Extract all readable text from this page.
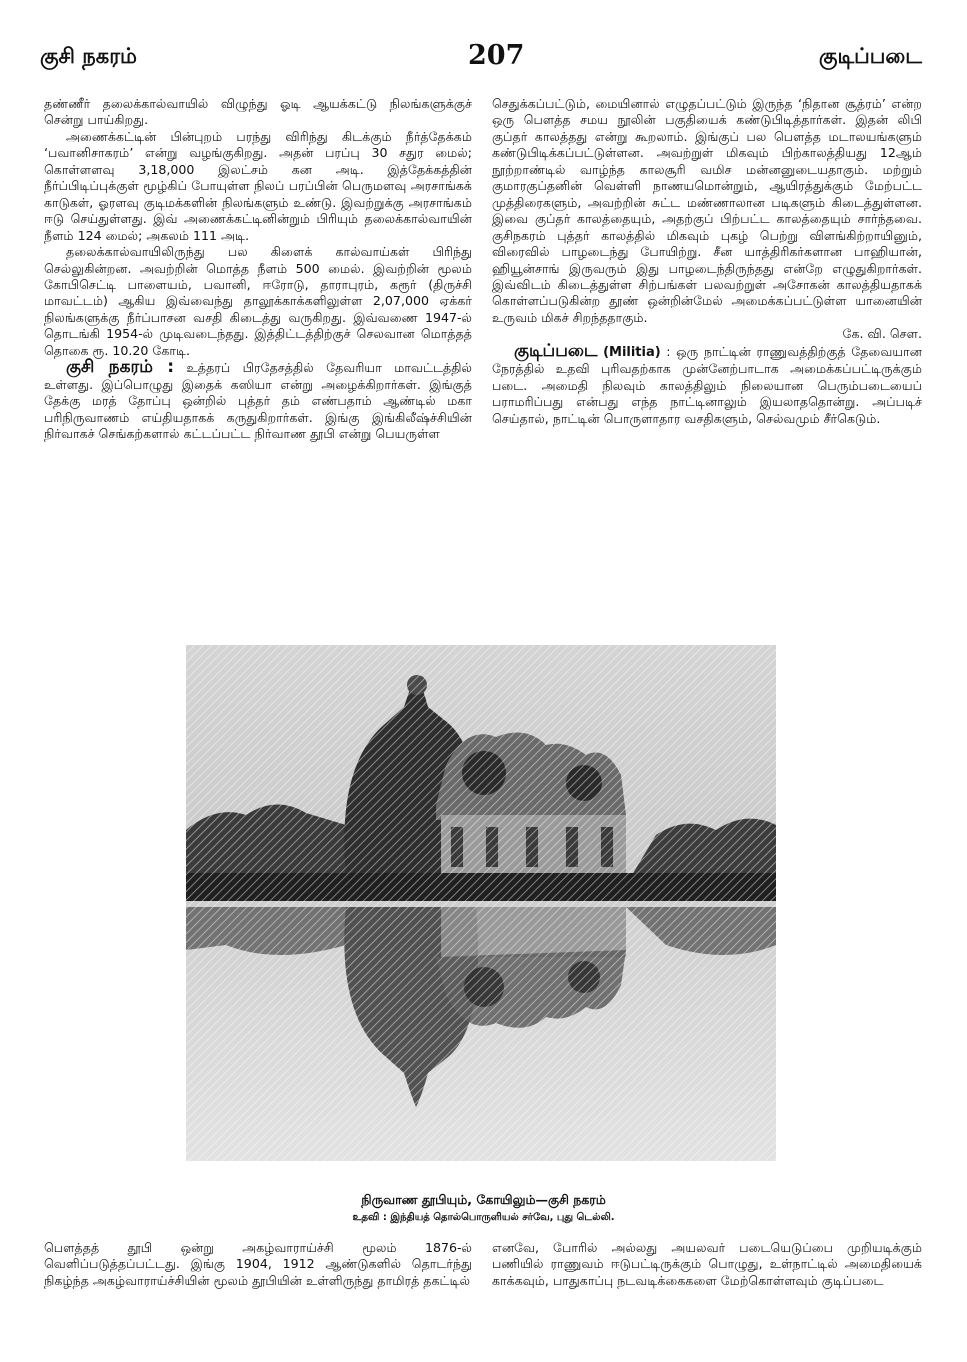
குசி நகரம்	207	குடிப்படை

தண்ணீர் தலைக்கால்வாயில் விழுந்து ஓடி ஆயக்கட்டு நிலங்களுக்குச் சென்று பாய்கிறது.

அணைக்கட்டின் பின்புறம் பரந்து விரிந்து கிடக்கும் நீர்த்தேக்கம் ‘பவானிசாகரம்’ என்று வழங்குகிறது. அதன் பரப்பு 30 சதுர மைல்; கொள்ளளவு 3,18,000 இலட்சம் கன அடி. இத்தேக்கத்தின் நீர்ப்பிடிப்புக்குள் மூழ்கிப் போயுள்ள நிலப் பரப்பின் பெருமளவு அரசாங்கக் காடுகள், ஓரளவு குடிமக்களின் நிலங்களும் உண்டு. இவற்றுக்கு அரசாங்கம் ஈடு செய்துள்ளது. இவ் அணைக்கட்டினின்றும் பிரியும் தலைக்கால்வாயின் நீளம் 124 மைல்; அகலம் 111 அடி.

தலைக்கால்வாயிலிருந்து பல கிளைக் கால்வாய்கள் பிரிந்து செல்லுகின்றன. அவற்றின் மொத்த நீளம் 500 மைல். இவற்றின் மூலம் கோபிசெட்டி பாளையம், பவானி, ஈரோடு, தாராபுரம், கரூர் (திருச்சி மாவட்டம்) ஆகிய இவ்வைந்து தாலூக்காக்களிலுள்ள 2,07,000 ஏக்கர் நிலங்களுக்கு நீர்ப்பாசன வசதி கிடைத்து வருகிறது. இவ்வணை 1947-ல் தொடங்கி 1954-ல் முடிவடைந்தது. இத்திட்டத்திற்குச் செலவான மொத்தத் தொகை ரூ. 10.20 கோடி.

குசி நகரம் : உத்தரப் பிரதேசத்தில் தேவரியா மாவட்டத்தில் உள்ளது. இப்பொழுது இதைக் கஸியா என்று அழைக்கிறார்கள். இங்குத் தேக்கு மரத் தோப்பு ஒன்றில் புத்தர் தம் எண்பதாம் ஆண்டில் மகா பரிநிருவாணம் எய்தியதாகக் கருதுகிறார்கள். இங்கு இங்கிலீஷ்ச்சியின் நிர்வாகச் செங்கற்களால் கட்டப்பட்ட நிர்வாண தூபி என்று பெயருள்ள

செதுக்கப்பட்டும், மையினால் எழுதப்பட்டும் இருந்த ‘நிதான சூத்ரம்’ என்ற ஒரு பௌத்த சமய நூலின் பகுதியைக் கண்டுபிடித்தார்கள். இதன் லிபி குப்தர் காலத்தது என்று கூறலாம். இங்குப் பல பௌத்த மடாலயங்களும் கண்டுபிடிக்கப்பட்டுள்ளன. அவற்றுள் மிகவும் பிற்காலத்தியது 12ஆம் நூற்றாண்டில் வாழ்ந்த காலசூரி வமிச மன்னனுடையதாகும். மற்றும் குமாரகுப்தனின் வெள்ளி நாணயமொன்றும், ஆயிரத்துக்கும் மேற்பட்ட முத்திரைகளும், அவற்றின் சுட்ட மண்ணாலான படிகளும் கிடைத்துள்ளன. இவை குப்தர் காலத்தையும், அதற்குப் பிற்பட்ட காலத்தையும் சார்ந்தவை. குசிநகரம் புத்தர் காலத்தில் மிகவும் புகழ் பெற்று விளங்கிற்றாயினும், விரைவில் பாழடைந்து போயிற்று. சீன யாத்திரிகர்களான பாஹியான், ஹியூன்சாங் இருவரும் இது பாழடைந்திருந்தது என்றே எழுதுகிறார்கள். இவ்விடம் கிடைத்துள்ள சிற்பங்கள் பலவற்றுள் அசோகன் காலத்தியதாகக் கொள்ளப்படுகின்ற தூண் ஒன்றின்மேல் அமைக்கப்பட்டுள்ள யானையின் உருவம் மிகச் சிறந்ததாகும்.

கே. வி. சௌ.

குடிப்படை (Militia) : ஒரு நாட்டின் ராணுவத்திற்குத் தேவையான நேரத்தில் உதவி புரிவதற்காக முன்னேற்பாடாக அமைக்கப்பட்டிருக்கும் படை. அமைதி நிலவும் காலத்திலும் நிலையான பெரும்படையைப் பராமரிப்பது என்பது எந்த நாட்டினாலும் இயலாததொன்று. அப்படிச் செய்தால், நாட்டின் பொருளாதார வசதிகளும், செல்வமும் சீர்கெடும்.

நிருவாண தூபியும், கோயிலும்—குசி நகரம்
உதவி : இந்தியத் தொல்பொருளியல் சர்வே, புது டெல்லி.

பௌத்தத் தூபி ஒன்று அகழ்வாராய்ச்சி மூலம் 1876-ல் வெளிப்படுத்தப்பட்டது. இங்கு 1904, 1912 ஆண்டுகளில் தொடர்ந்து நிகழ்ந்த அகழ்வாராய்ச்சியின் மூலம் தூபியின் உள்ளிருந்து தாமிரத் தகட்டில்

எனவே, போரில் அல்லது அயலவர் படையெடுப்பை முறியடிக்கும் பணியில் ராணுவம் ஈடுபட்டிருக்கும் பொழுது, உள்நாட்டில் அமைதியைக் காக்கவும், பாதுகாப்பு நடவடிக்கைகளை மேற்கொள்ளவும் குடிப்படை
